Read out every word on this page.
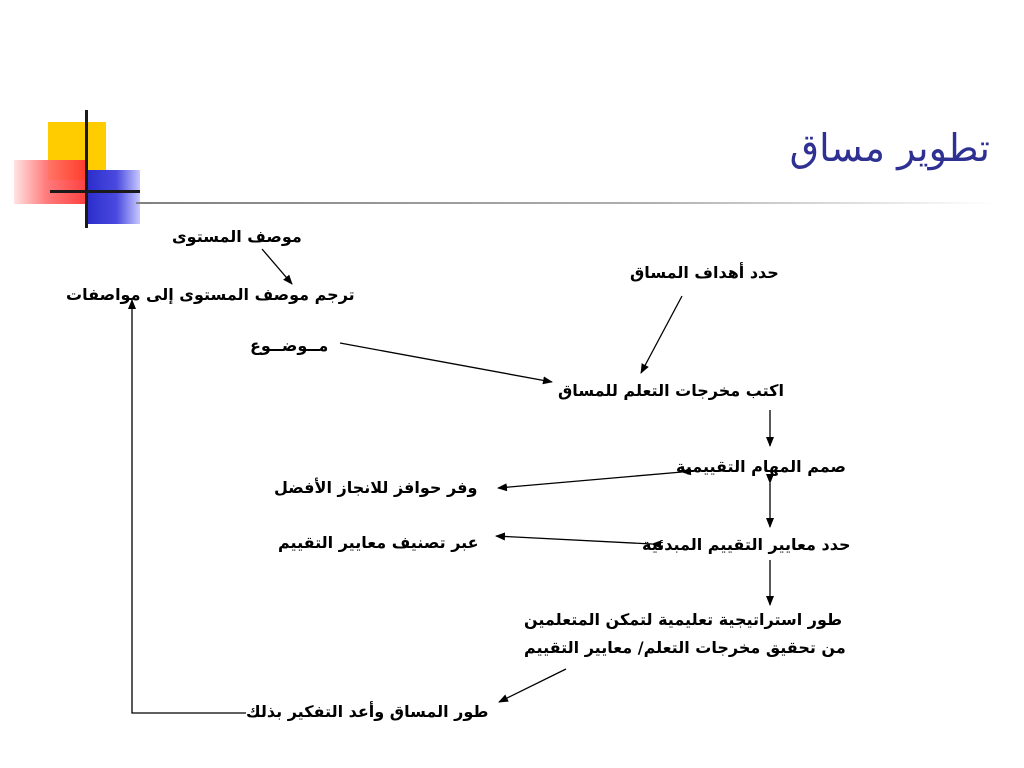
تطوير مساق
موصف المستوى
ترجم موصف المستوى إلى مواصفات
مــوضــوع
حدد أهداف المساق
اكتب مخرجات التعلم للمساق
صمم المهام التقييمية
وفر حوافز للانجاز الأفضل
حدد معايير التقييم المبدئية
عبر تصنيف معايير التقييم
طور استراتيجية تعليمية لتمكن المتعلمين
من تحقيق مخرجات التعلم/ معايير التقييم
طور المساق وأعد التفكير بذلك
